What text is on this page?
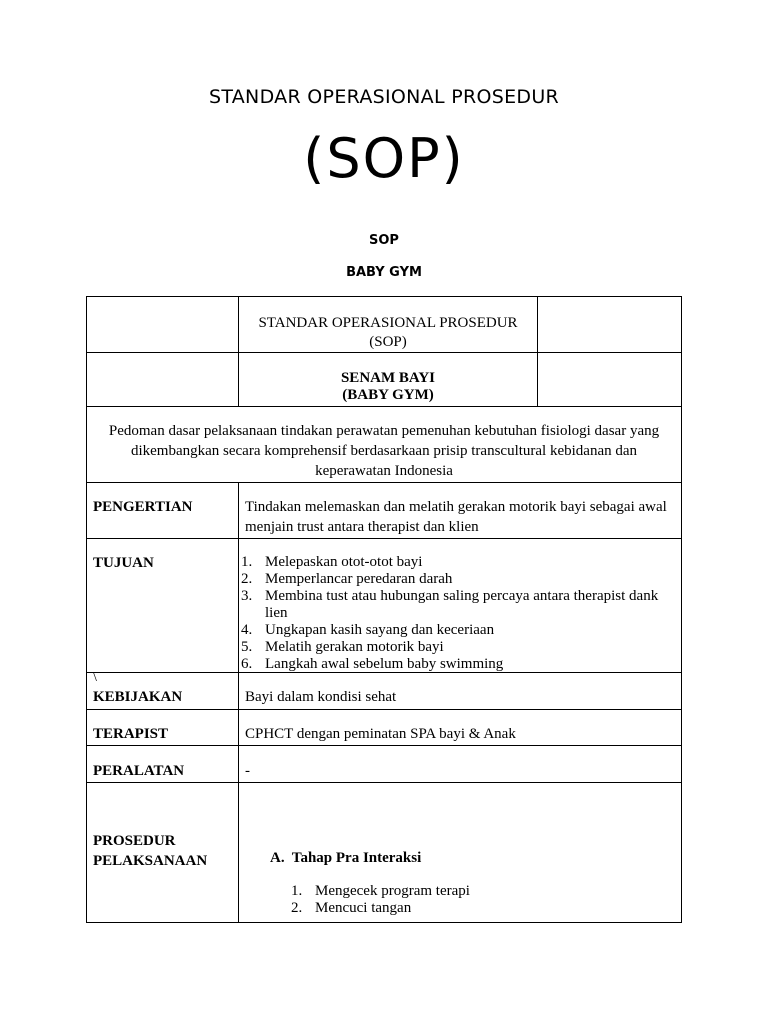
STANDAR OPERASIONAL PROSEDUR
(SOP)
SOP
BABY GYM
STANDAR OPERASIONAL PROSEDUR
(SOP)
SENAM BAYI
(BABY GYM)
Pedoman dasar pelaksanaan tindakan perawatan pemenuhan kebutuhan fisiologi dasar yang dikembangkan secara komprehensif berdasarkaan prisip transcultural kebidanan dan keperawatan Indonesia
PENGERTIAN	Tindakan melemaskan dan melatih gerakan motorik bayi sebagai awal menjain trust antara therapist dan klien
TUJUAN	1. Melepaskan otot-otot bayi
2. Memperlancar peredaran darah
3. Membina tust atau hubungan saling percaya antara therapist dank lien
4. Ungkapan kasih sayang dan keceriaan
5. Melatih gerakan motorik bayi
6. Langkah awal sebelum baby swimming
\
KEBIJAKAN	Bayi dalam kondisi sehat
TERAPIST	CPHCT dengan peminatan SPA bayi & Anak
PERALATAN	-
PROSEDUR
PELAKSANAAN	A.  Tahap Pra Interaksi
1. Mengecek program terapi
2. Mencuci tangan
